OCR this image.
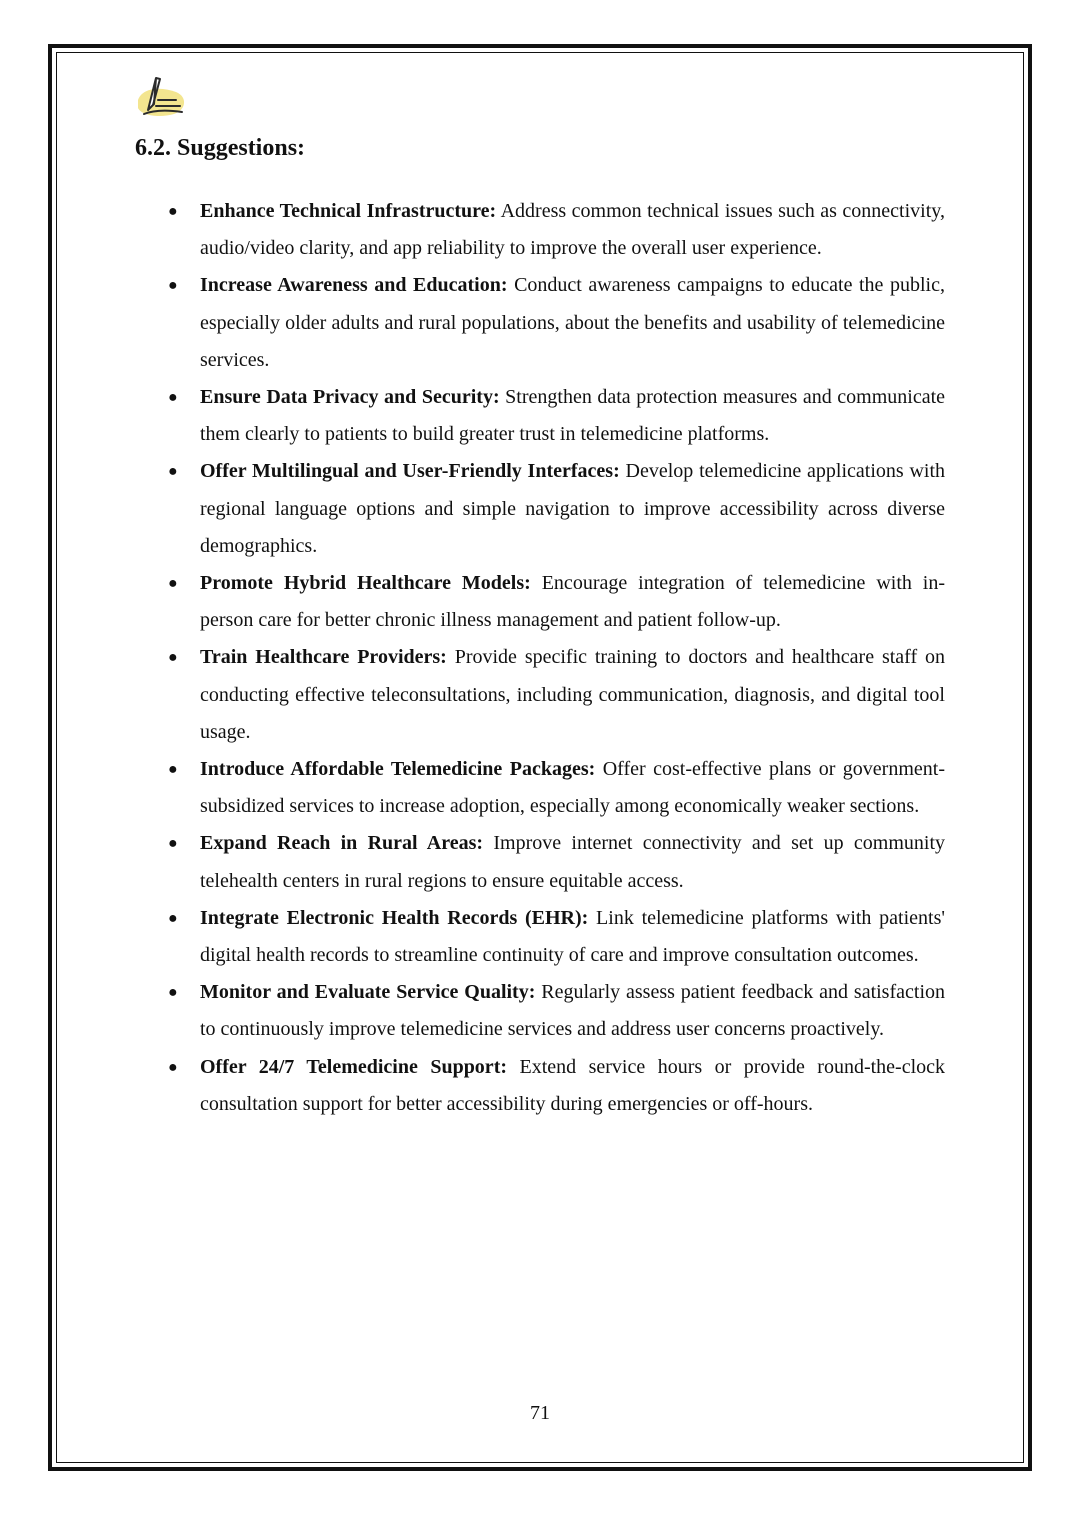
6.2. Suggestions:
● Enhance Technical Infrastructure: Address common technical issues such as connectivity, audio/video clarity, and app reliability to improve the overall user experience.
● Increase Awareness and Education: Conduct awareness campaigns to educate the public, especially older adults and rural populations, about the benefits and usability of telemedicine services.
● Ensure Data Privacy and Security: Strengthen data protection measures and communicate them clearly to patients to build greater trust in telemedicine platforms.
● Offer Multilingual and User-Friendly Interfaces: Develop telemedicine applications with regional language options and simple navigation to improve accessibility across diverse demographics.
● Promote Hybrid Healthcare Models: Encourage integration of telemedicine with in-person care for better chronic illness management and patient follow-up.
● Train Healthcare Providers: Provide specific training to doctors and healthcare staff on conducting effective teleconsultations, including communication, diagnosis, and digital tool usage.
● Introduce Affordable Telemedicine Packages: Offer cost-effective plans or government-subsidized services to increase adoption, especially among economically weaker sections.
● Expand Reach in Rural Areas: Improve internet connectivity and set up community telehealth centers in rural regions to ensure equitable access.
● Integrate Electronic Health Records (EHR): Link telemedicine platforms with patients' digital health records to streamline continuity of care and improve consultation outcomes.
● Monitor and Evaluate Service Quality: Regularly assess patient feedback and satisfaction to continuously improve telemedicine services and address user concerns proactively.
● Offer 24/7 Telemedicine Support: Extend service hours or provide round-the-clock consultation support for better accessibility during emergencies or off-hours.
71
